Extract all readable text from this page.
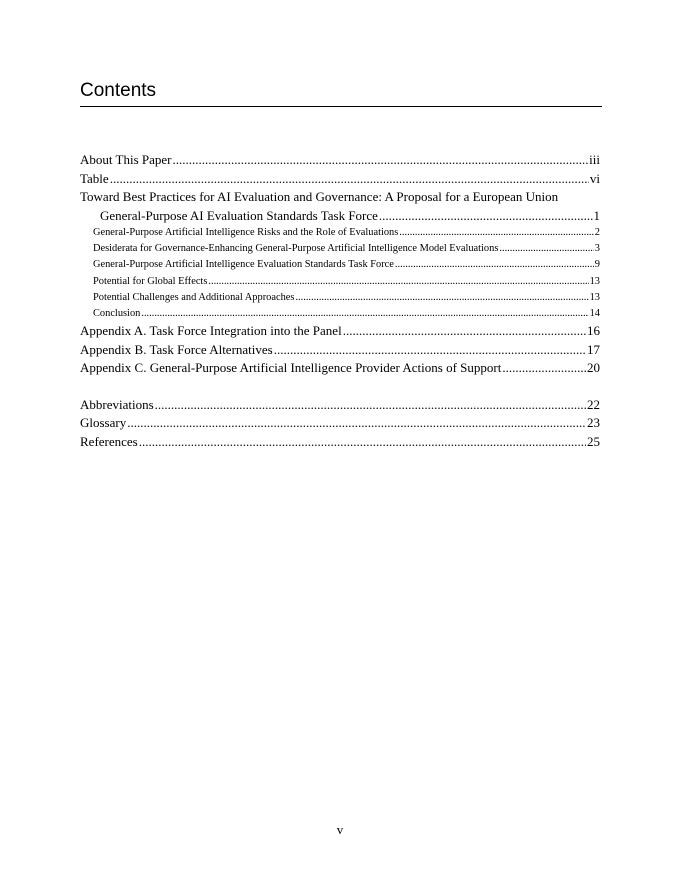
Contents
About This Paper .....	iii
Table .....	vi
Toward Best Practices for AI Evaluation and Governance: A Proposal for a European Union
General-Purpose AI Evaluation Standards Task Force .....	1
General-Purpose Artificial Intelligence Risks and the Role of Evaluations .....	2
Desiderata for Governance-Enhancing General-Purpose Artificial Intelligence Model Evaluations .....	3
General-Purpose Artificial Intelligence Evaluation Standards Task Force .....	9
Potential for Global Effects .....	13
Potential Challenges and Additional Approaches .....	13
Conclusion .....	14
Appendix A. Task Force Integration into the Panel .....	16
Appendix B. Task Force Alternatives .....	17
Appendix C. General-Purpose Artificial Intelligence Provider Actions of Support .....	20
Abbreviations .....	22
Glossary .....	23
References .....	25
v
